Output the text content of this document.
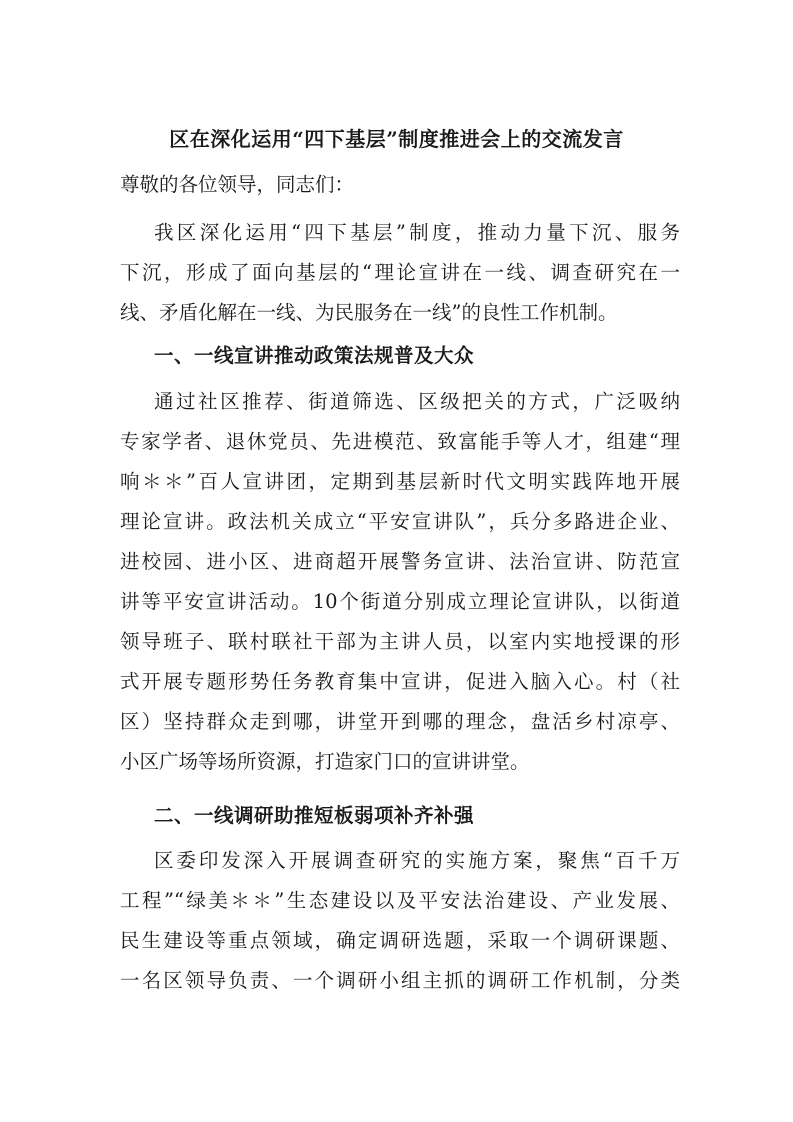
区在深化运用“四下基层”制度推进会上的交流发言
尊敬的各位领导，同志们：
我区深化运用“四下基层”制度，推动力量下沉、服务
下沉，形成了面向基层的“理论宣讲在一线、调查研究在一
线、矛盾化解在一线、为民服务在一线”的良性工作机制。
一、一线宣讲推动政策法规普及大众
通过社区推荐、街道筛选、区级把关的方式，广泛吸纳
专家学者、退休党员、先进模范、致富能手等人才，组建“理
响＊＊”百人宣讲团，定期到基层新时代文明实践阵地开展
理论宣讲。政法机关成立“平安宣讲队”，兵分多路进企业、
进校园、进小区、进商超开展警务宣讲、法治宣讲、防范宣
讲等平安宣讲活动。10个街道分别成立理论宣讲队，以街道
领导班子、联村联社干部为主讲人员，以室内实地授课的形
式开展专题形势任务教育集中宣讲，促进入脑入心。村（社
区）坚持群众走到哪，讲堂开到哪的理念，盘活乡村凉亭、
小区广场等场所资源，打造家门口的宣讲讲堂。
二、一线调研助推短板弱项补齐补强
区委印发深入开展调查研究的实施方案，聚焦“百千万
工程”“绿美＊＊”生态建设以及平安法治建设、产业发展、
民生建设等重点领域，确定调研选题，采取一个调研课题、
一名区领导负责、一个调研小组主抓的调研工作机制，分类
